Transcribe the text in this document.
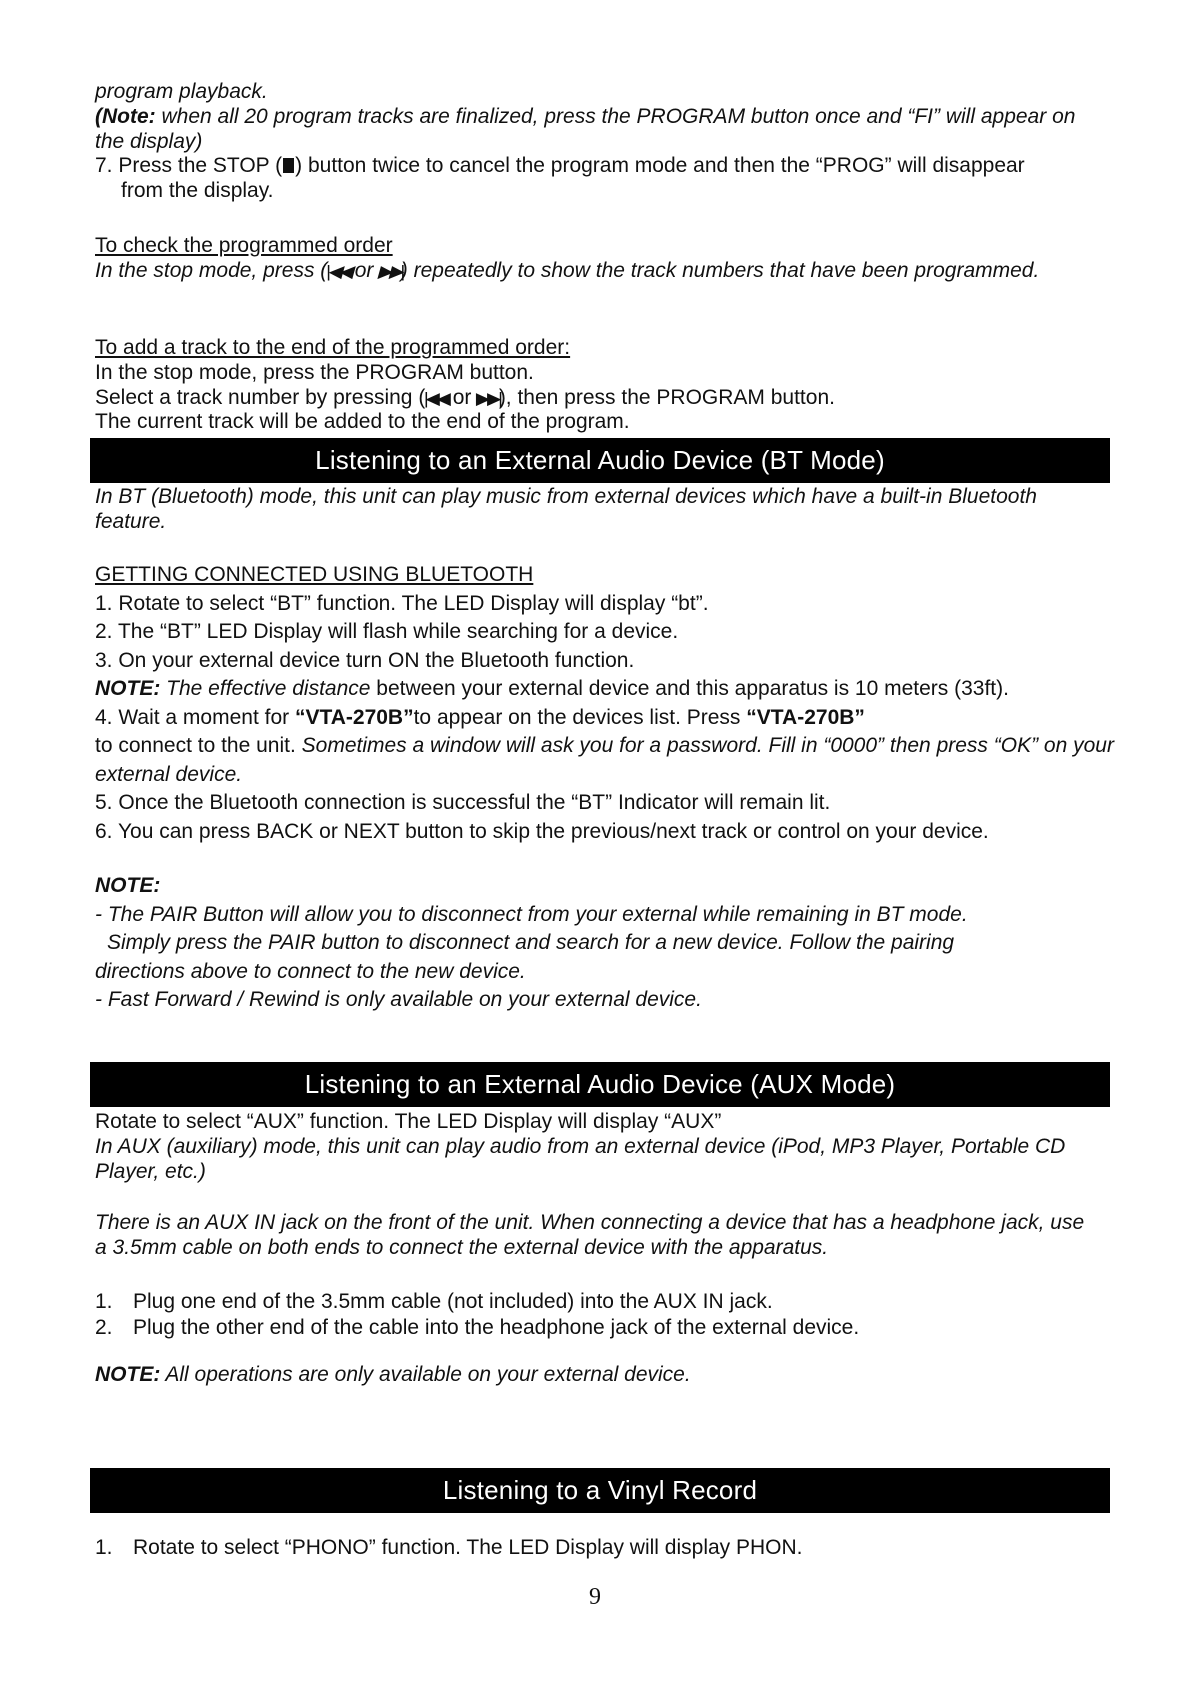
program playback.

(Note: when all 20 program tracks are finalized, press the PROGRAM button once and “FI” will appear on the display)

7. Press the STOP ( ) button twice to cancel the program mode and then the “PROG” will disappear

from the display.

To check the programmed order

In the stop mode, press (|◀◀ or ▶▶|) repeatedly to show the track numbers that have been programmed.

To add a track to the end of the programmed order:

In the stop mode, press the PROGRAM button.

Select a track number by pressing (|◀◀ or ▶▶|), then press the PROGRAM button.

The current track will be added to the end of the program.

Listening to an External Audio Device (BT Mode)

In BT (Bluetooth) mode, this unit can play music from external devices which have a built-in Bluetooth feature.

GETTING CONNECTED USING BLUETOOTH

1. Rotate to select “BT” function. The LED Display will display “bt”.

2. The “BT” LED Display will flash while searching for a device.

3. On your external device turn ON the Bluetooth function.

NOTE: The effective distance between your external device and this apparatus is 10 meters (33ft).

4. Wait a moment for “VTA-270B”to appear on the devices list. Press “VTA-270B”

to connect to the unit. Sometimes a window will ask you for a password. Fill in “0000” then press “OK” on your external device.

5. Once the Bluetooth connection is successful the “BT” Indicator will remain lit.

6. You can press BACK or NEXT button to skip the previous/next track or control on your device.

NOTE:

- The PAIR Button will allow you to disconnect from your external while remaining in BT mode.

Simply press the PAIR button to disconnect and search for a new device. Follow the pairing

directions above to connect to the new device.

- Fast Forward / Rewind is only available on your external device.

Listening to an External Audio Device (AUX Mode)

Rotate to select “AUX” function. The LED Display will display “AUX”

In AUX (auxiliary) mode, this unit can play audio from an external device (iPod, MP3 Player, Portable CD Player, etc.)

There is an AUX IN jack on the front of the unit. When connecting a device that has a headphone jack, use a 3.5mm cable on both ends to connect the external device with the apparatus.

1. Plug one end of the 3.5mm cable (not included) into the AUX IN jack.

2. Plug the other end of the cable into the headphone jack of the external device.

NOTE: All operations are only available on your external device.

Listening to a Vinyl Record

1. Rotate to select “PHONO” function. The LED Display will display PHON.

9
